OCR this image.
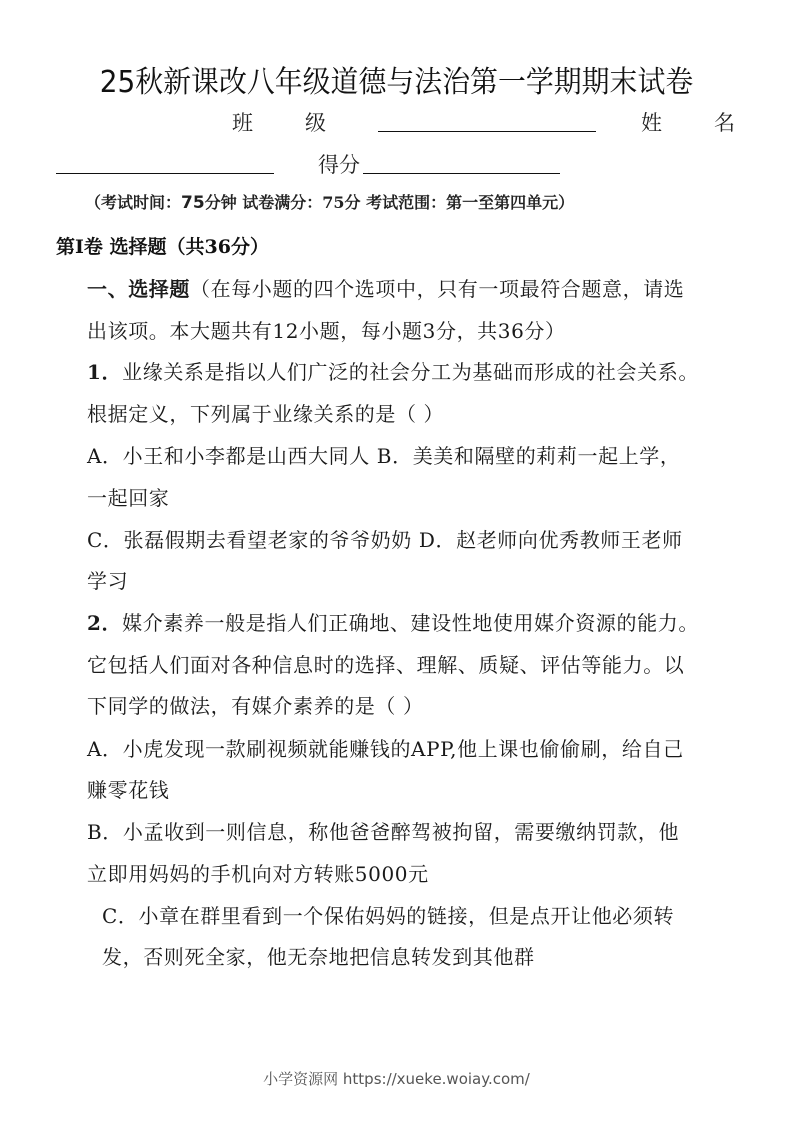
25秋新课改八年级道德与法治第一学期期末试卷
班 级	姓 名
得分
（考试时间：75分钟 试卷满分：75分 考试范围：第一至第四单元）
第Ⅰ卷 选择题（共36分）
一、选择题（在每小题的四个选项中，只有一项最符合题意，请选
出该项。本大题共有12小题，每小题3分，共36分）
1．业缘关系是指以人们广泛的社会分工为基础而形成的社会关系。
根据定义，下列属于业缘关系的是（ ）
A．小王和小李都是山西大同人 B．美美和隔壁的莉莉一起上学，
一起回家
C．张磊假期去看望老家的爷爷奶奶 D．赵老师向优秀教师王老师
学习
2．媒介素养一般是指人们正确地、建设性地使用媒介资源的能力。
它包括人们面对各种信息时的选择、理解、质疑、评估等能力。以
下同学的做法，有媒介素养的是（ ）
A．小虎发现一款刷视频就能赚钱的APP,他上课也偷偷刷，给自己
赚零花钱
B．小孟收到一则信息，称他爸爸醉驾被拘留，需要缴纳罚款，他
立即用妈妈的手机向对方转账5000元
C．小章在群里看到一个保佑妈妈的链接，但是点开让他必须转
发，否则死全家，他无奈地把信息转发到其他群
小学资源网 https://xueke.woiay.com/
